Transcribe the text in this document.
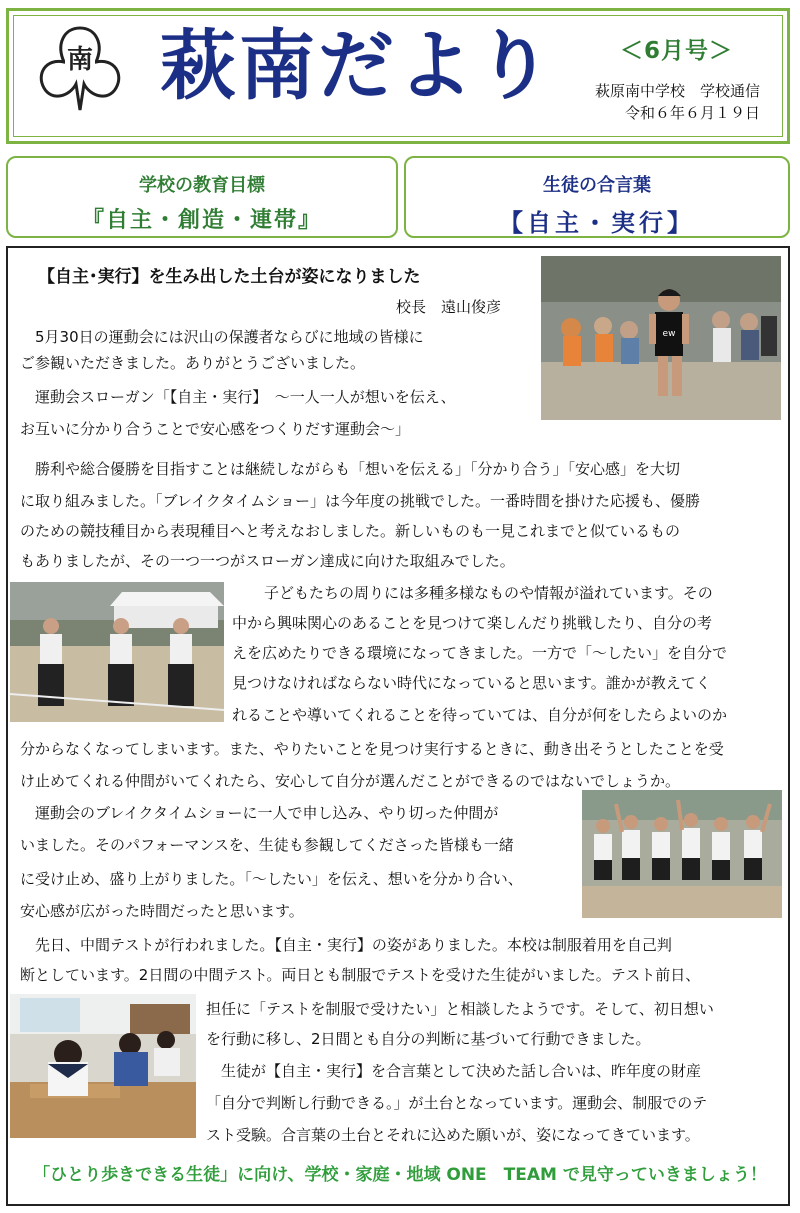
南 萩南だより	＜6月号＞
萩原南中学校　学校通信
令和６年６月１９日
学校の教育目標
『自主・創造・連帯』
生徒の合言葉
【自主・実行】
【自主･実行】を生み出した土台が姿になりました
校長　遠山俊彦
ew
　5月30日の運動会には沢山の保護者ならびに地域の皆様に
ご参観いただきました。ありがとうございました。
　運動会スローガン「【自主・実行】　～一人一人が想いを伝え、
お互いに分かり合うことで安心感をつくりだす運動会～」
　勝利や総合優勝を目指すことは継続しながらも「想いを伝える」「分かり合う」「安心感」を大切
に取り組みました。「ブレイクタイムショー」は今年度の挑戦でした。一番時間を掛けた応援も、優勝
のための競技種目から表現種目へと考えなおしました。新しいものも一見これまでと似ているもの
もありましたが、その一つ一つがスローガン達成に向けた取組みでした。
子どもたちの周りには多種多様なものや情報が溢れています。その
中から興味関心のあることを見つけて楽しんだり挑戦したり、自分の考
えを広めたりできる環境になってきました。一方で「～したい」を自分で
見つけなければならない時代になっていると思います。誰かが教えてく
れることや導いてくれることを待っていては、自分が何をしたらよいのか
分からなくなってしまいます。また、やりたいことを見つけ実行するときに、動き出そうとしたことを受
け止めてくれる仲間がいてくれたら、安心して自分が選んだことができるのではないでしょうか。
　運動会のブレイクタイムショーに一人で申し込み、やり切った仲間が
いました。そのパフォーマンスを、生徒も参観してくださった皆様も一緒
に受け止め、盛り上がりました。「～したい」を伝え、想いを分かり合い、
安心感が広がった時間だったと思います。
　先日、中間テストが行われました。【自主・実行】の姿がありました。本校は制服着用を自己判
断としています。2日間の中間テスト。両日とも制服でテストを受けた生徒がいました。テスト前日、
担任に「テストを制服で受けたい」と相談したようです。そして、初日想い
を行動に移し、2日間とも自分の判断に基づいて行動できました。
　生徒が【自主・実行】を合言葉として決めた話し合いは、昨年度の財産
「自分で判断し行動できる。」が土台となっています。運動会、制服でのテ
スト受験。合言葉の土台とそれに込めた願いが、姿になってきています。
「ひとり歩きできる生徒」に向け、学校・家庭・地域 ONE　TEAM で見守っていきましょう！
